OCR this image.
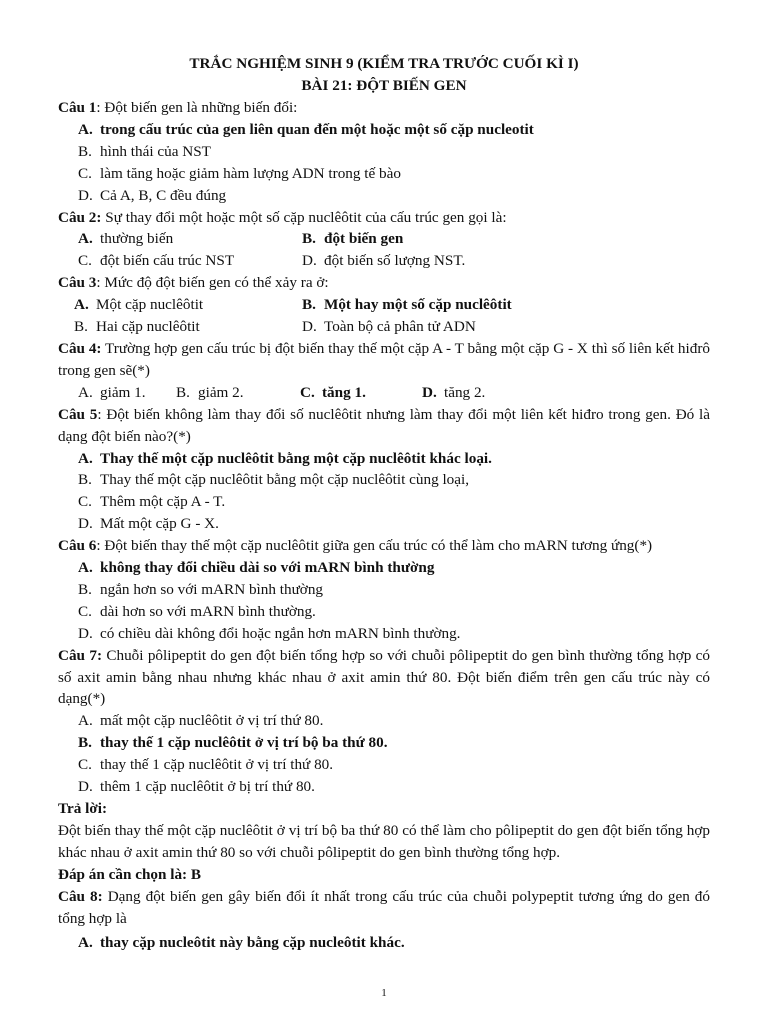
TRẮC NGHIỆM SINH 9 (KIỂM TRA TRƯỚC CUỐI KÌ I)
BÀI 21: ĐỘT BIẾN GEN

Câu 1: Đột biến gen là những biến đổi:

A. trong cấu trúc của gen liên quan đến một hoặc một số cặp nucleotit
B. hình thái của NST
C. làm tăng hoặc giảm hàm lượng ADN trong tế bào
D. Cả A, B, C đều đúng

Câu 2: Sự thay đổi một hoặc một số cặp nuclêôtit của cấu trúc gen gọi là:

A. thường biến	B. đột biến gen
C. đột biến cấu trúc NST	D. đột biến số lượng NST.

Câu 3: Mức độ đột biến gen có thể xảy ra ở:

A. Một cặp nuclêôtit	B. Một hay một số cặp nuclêôtit
B. Hai cặp nuclêôtit	D. Toàn bộ cả phân tử ADN

Câu 4: Trường hợp gen cấu trúc bị đột biến thay thế một cặp A - T bằng một cặp G - X thì số liên kết hiđrô trong gen sẽ(*)

A. giảm 1. B. giảm 2.	C. tăng 1.	D. tăng 2.

Câu 5: Đột biến không làm thay đổi số nuclêôtit nhưng làm thay đổi một liên kết hiđro trong gen. Đó là dạng đột biến nào?(*)

A. Thay thế một cặp nuclêôtit bằng một cặp nuclêôtit khác loại.
B. Thay thế một cặp nuclêôtit bằng một cặp nuclêôtit cùng loại,
C. Thêm một cặp A - T.
D. Mất một cặp G - X.

Câu 6: Đột biến thay thế một cặp nuclêôtit giữa gen cấu trúc có thể làm cho mARN tương ứng(*)

A. không thay đổi chiều dài so với mARN bình thường
B. ngắn hơn so với mARN bình thường
C. dài hơn so với mARN bình thường.
D. có chiều dài không đổi hoặc ngắn hơn mARN bình thường.

Câu 7: Chuỗi pôlipeptit do gen đột biến tổng hợp so với chuỗi pôlipeptit do gen bình thường tổng hợp có số axit amin bằng nhau nhưng khác nhau ở axit amin thứ 80. Đột biến điểm trên gen cấu trúc này có dạng(*)

A. mất một cặp nuclêôtit ở vị trí thứ 80.
B. thay thế 1 cặp nuclêôtit ở vị trí bộ ba thứ 80.
C. thay thế 1 cặp nuclêôtit ở vị trí thứ 80.
D. thêm 1 cặp nuclêôtit ở bị trí thứ 80.

Trả lời:

Đột biến thay thế một cặp nuclêôtit ở vị trí bộ ba thứ 80 có thể làm cho pôlipeptit do gen đột biến tổng hợp khác nhau ở axit amin thứ 80 so với chuỗi pôlipeptit do gen bình thường tổng hợp.

Đáp án cần chọn là: B

Câu 8: Dạng đột biến gen gây biến đổi ít nhất trong cấu trúc của chuỗi polypeptit tương ứng do gen đó tổng hợp là

A. thay cặp nucleôtit này bằng cặp nucleôtit khác.
1
